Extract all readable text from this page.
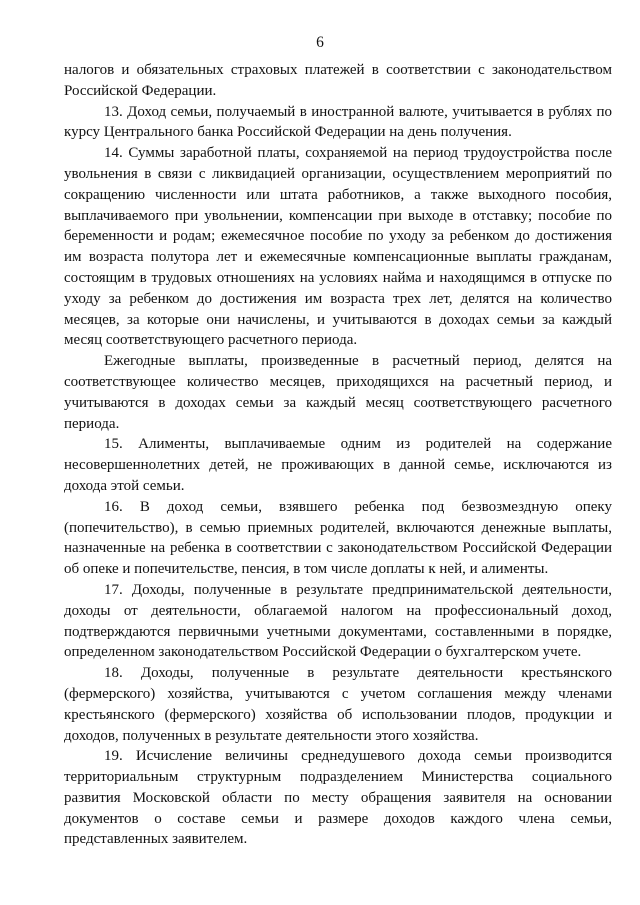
6

налогов и обязательных страховых платежей в соответствии с законодательством Российской Федерации.

13. Доход семьи, получаемый в иностранной валюте, учитывается в рублях по курсу Центрального банка Российской Федерации на день получения.

14. Суммы заработной платы, сохраняемой на период трудоустройства после увольнения в связи с ликвидацией организации, осуществлением мероприятий по сокращению численности или штата работников, а также выходного пособия, выплачиваемого при увольнении, компенсации при выходе в отставку; пособие по беременности и родам; ежемесячное пособие по уходу за ребенком до достижения им возраста полутора лет и ежемесячные компенсационные выплаты гражданам, состоящим в трудовых отношениях на условиях найма и находящимся в отпуске по уходу за ребенком до достижения им возраста трех лет, делятся на количество месяцев, за которые они начислены, и учитываются в доходах семьи за каждый месяц соответствующего расчетного периода.

Ежегодные выплаты, произведенные в расчетный период, делятся на соответствующее количество месяцев, приходящихся на расчетный период, и учитываются в доходах семьи за каждый месяц соответствующего расчетного периода.

15. Алименты, выплачиваемые одним из родителей на содержание несовершеннолетних детей, не проживающих в данной семье, исключаются из дохода этой семьи.

16. В доход семьи, взявшего ребенка под безвозмездную опеку (попечительство), в семью приемных родителей, включаются денежные выплаты, назначенные на ребенка в соответствии с законодательством Российской Федерации об опеке и попечительстве, пенсия, в том числе доплаты к ней, и алименты.

17. Доходы, полученные в результате предпринимательской деятельности, доходы от деятельности, облагаемой налогом на профессиональный доход, подтверждаются первичными учетными документами, составленными в порядке, определенном законодательством Российской Федерации о бухгалтерском учете.

18. Доходы, полученные в результате деятельности крестьянского (фермерского) хозяйства, учитываются с учетом соглашения между членами крестьянского (фермерского) хозяйства об использовании плодов, продукции и доходов, полученных в результате деятельности этого хозяйства.

19. Исчисление величины среднедушевого дохода семьи производится территориальным структурным подразделением Министерства социального развития Московской области по месту обращения заявителя на основании документов о составе семьи и размере доходов каждого члена семьи, представленных заявителем.
